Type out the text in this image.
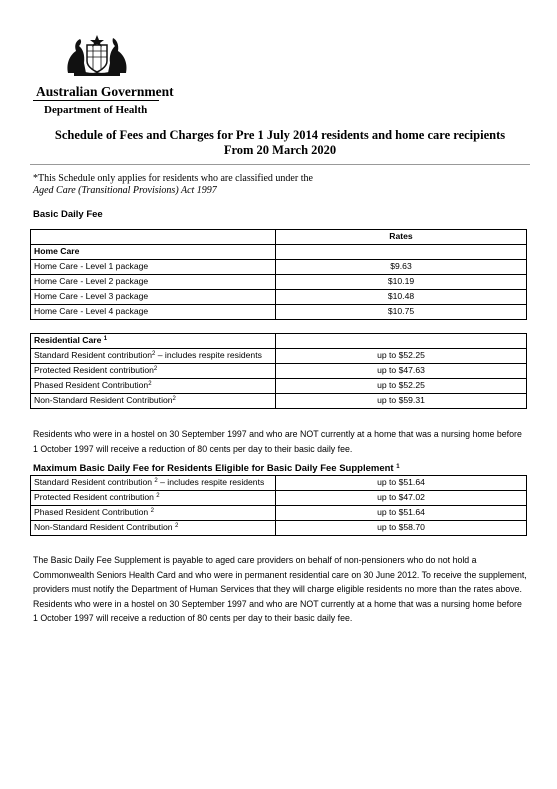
Australian Government
Department of Health
Schedule of Fees and Charges for Pre 1 July 2014 residents and home care recipients
From 20 March 2020
*This Schedule only applies for residents who are classified under the
Aged Care (Transitional Provisions) Act 1997
Basic Daily Fee
	Rates
Home Care	
Home Care - Level 1 package	$9.63
Home Care - Level 2 package	$10.19
Home Care - Level 3 package	$10.48
Home Care - Level 4 package	$10.75
Residential Care $^1$	
Standard Resident contribution$^2$ – includes respite residents	up to $52.25
Protected Resident contribution$^2$	up to $47.63
Phased Resident Contribution$^2$	up to $52.25
Non-Standard Resident Contribution$^2$	up to $59.31
Residents who were in a hostel on 30 September 1997 and who are NOT currently at a home that was a nursing home before 1 October 1997 will receive a reduction of 80 cents per day to their basic daily fee.
Maximum Basic Daily Fee for Residents Eligible for Basic Daily Fee Supplement $^1$
Standard Resident contribution $^2$ – includes respite residents	up to $51.64
Protected Resident contribution $^2$	up to $47.02
Phased Resident Contribution $^2$	up to $51.64
Non-Standard Resident Contribution $^2$	up to $58.70
The Basic Daily Fee Supplement is payable to aged care providers on behalf of non-pensioners who do not hold a Commonwealth Seniors Health Card and who were in permanent residential care on 30 June 2012. To receive the supplement, providers must notify the Department of Human Services that they will charge eligible residents no more than the rates above. Residents who were in a hostel on 30 September 1997 and who are NOT currently at a home that was a nursing home before 1 October 1997 will receive a reduction of 80 cents per day to their basic daily fee.
